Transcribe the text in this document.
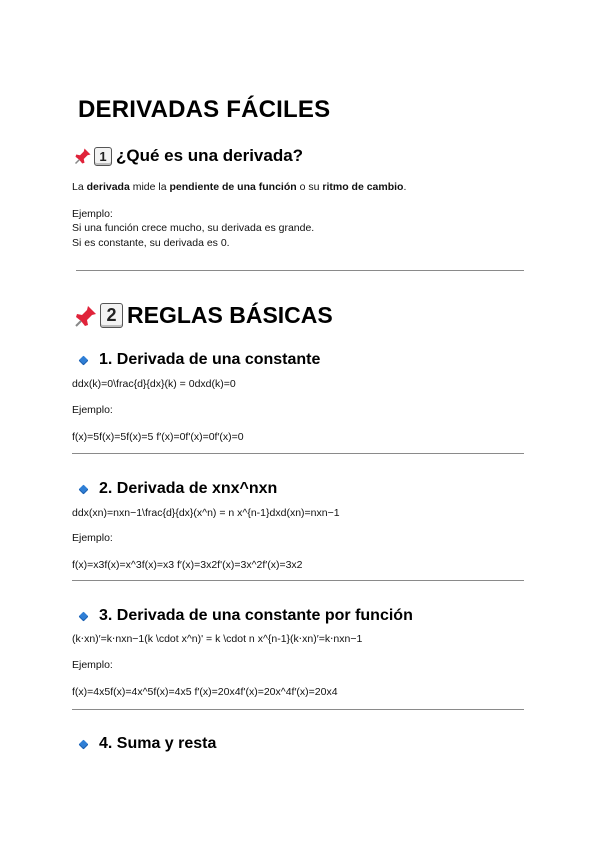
DERIVADAS FÁCILES
1 ¿Qué es una derivada?
La derivada mide la pendiente de una función o su ritmo de cambio.
Ejemplo:
Si una función crece mucho, su derivada es grande.
Si es constante, su derivada es 0.
2 REGLAS BÁSICAS
1. Derivada de una constante
ddx(k)=0\frac{d}{dx}(k) = 0dxd(k)=0
Ejemplo:
f(x)=5f(x)=5f(x)=5 f′(x)=0f'(x)=0f′(x)=0
2. Derivada de xnx^nxn
ddx(xn)=nxn−1\frac{d}{dx}(x^n) = n x^{n-1}dxd(xn)=nxn−1
Ejemplo:
f(x)=x3f(x)=x^3f(x)=x3 f′(x)=3x2f'(x)=3x^2f′(x)=3x2
3. Derivada de una constante por función
(k⋅xn)′=k⋅nxn−1(k \cdot x^n)' = k \cdot n x^{n-1}(k⋅xn)′=k⋅nxn−1
Ejemplo:
f(x)=4x5f(x)=4x^5f(x)=4x5 f′(x)=20x4f'(x)=20x^4f′(x)=20x4
4. Suma y resta
